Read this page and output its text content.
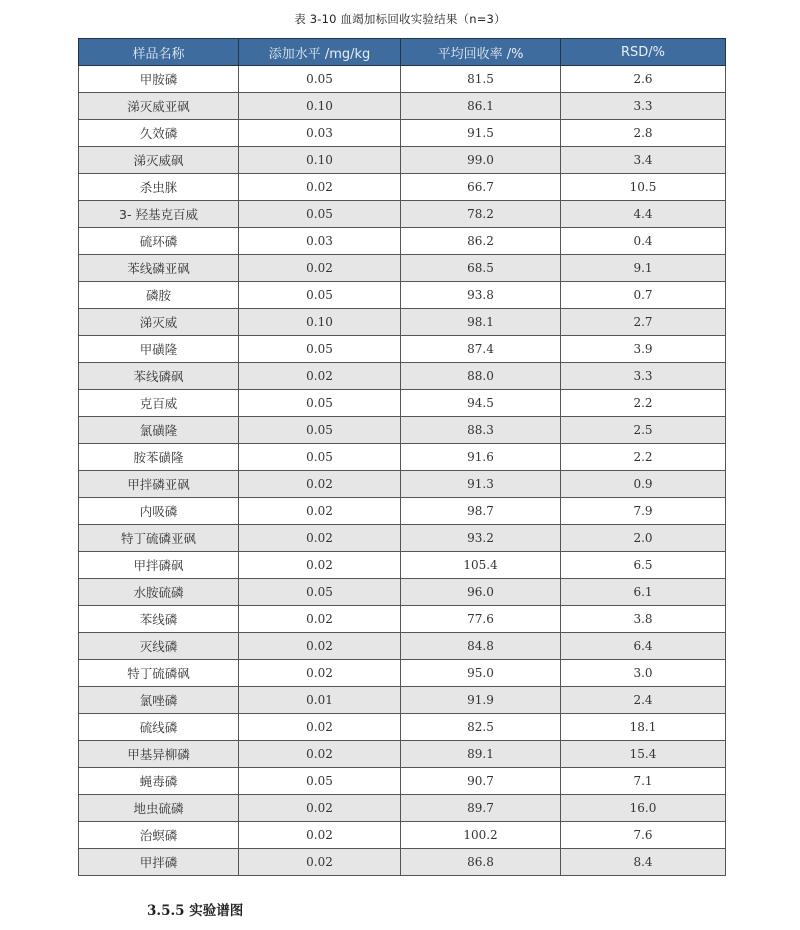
表 3-10 血竭加标回收实验结果（n=3）
样品名称	添加水平 /mg/kg	平均回收率 /%	RSD/%
甲胺磷	0.05	81.5	2.6
涕灭威亚砜	0.10	86.1	3.3
久效磷	0.03	91.5	2.8
涕灭威砜	0.10	99.0	3.4
杀虫脒	0.02	66.7	10.5
3- 羟基克百威	0.05	78.2	4.4
硫环磷	0.03	86.2	0.4
苯线磷亚砜	0.02	68.5	9.1
磷胺	0.05	93.8	0.7
涕灭威	0.10	98.1	2.7
甲磺隆	0.05	87.4	3.9
苯线磷砜	0.02	88.0	3.3
克百威	0.05	94.5	2.2
氯磺隆	0.05	88.3	2.5
胺苯磺隆	0.05	91.6	2.2
甲拌磷亚砜	0.02	91.3	0.9
内吸磷	0.02	98.7	7.9
特丁硫磷亚砜	0.02	93.2	2.0
甲拌磷砜	0.02	105.4	6.5
水胺硫磷	0.05	96.0	6.1
苯线磷	0.02	77.6	3.8
灭线磷	0.02	84.8	6.4
特丁硫磷砜	0.02	95.0	3.0
氯唑磷	0.01	91.9	2.4
硫线磷	0.02	82.5	18.1
甲基异柳磷	0.02	89.1	15.4
蝇毒磷	0.05	90.7	7.1
地虫硫磷	0.02	89.7	16.0
治螟磷	0.02	100.2	7.6
甲拌磷	0.02	86.8	8.4
3.5.5 实验谱图
